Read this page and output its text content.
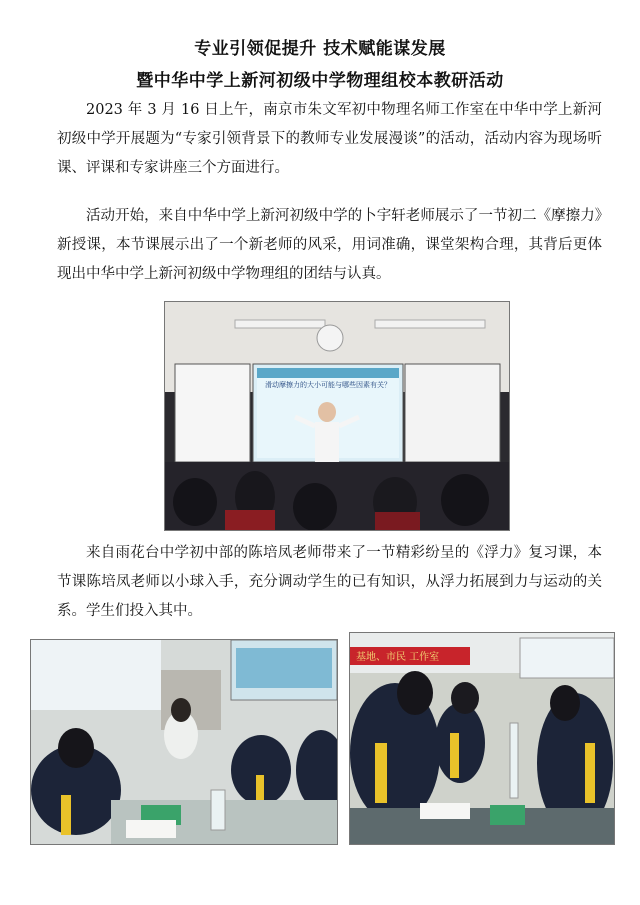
专业引领促提升 技术赋能谋发展
暨中华中学上新河初级中学物理组校本教研活动

2023 年 3 月 16 日上午，南京市朱文军初中物理名师工作室在中华中学上新河初级中学开展题为“专家引领背景下的教师专业发展漫谈”的活动，活动内容为现场听课、评课和专家讲座三个方面进行。

活动开始，来自中华中学上新河初级中学的卜宇轩老师展示了一节初二《摩擦力》新授课，本节课展示出了一个新老师的风采，用词准确，课堂架构合理，其背后更体现出中华中学上新河初级中学物理组的团结与认真。

滑动摩擦力的大小可能与哪些因素有关？

来自雨花台中学初中部的陈培凤老师带来了一节精彩纷呈的《浮力》复习课，本节课陈培凤老师以小球入手，充分调动学生的已有知识，从浮力拓展到力与运动的关系。学生们投入其中。

基地、市民 工作室
